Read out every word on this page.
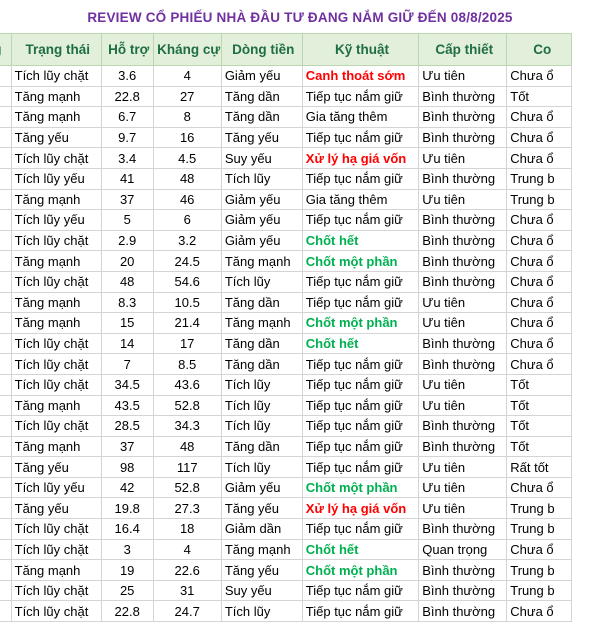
REVIEW CỔ PHIẾU NHÀ ĐẦU TƯ ĐANG NẮM GIỮ ĐẾN 08/8/2025
	Trạng thái	Hỗ trợ	Kháng cự	Dòng tiền	Kỹ thuật	Cấp thiết	Co
	Tích lũy chặt	3.6	4	Giảm yếu	Canh thoát sớm	Ưu tiên	Chưa ổ
	Tăng mạnh	22.8	27	Tăng dần	Tiếp tục nắm giữ	Bình thường	Tốt
	Tăng mạnh	6.7	8	Tăng dần	Gia tăng thêm	Bình thường	Chưa ổ
	Tăng yếu	9.7	16	Tăng yếu	Tiếp tục nắm giữ	Bình thường	Chưa ổ
	Tích lũy chặt	3.4	4.5	Suy yếu	Xử lý hạ giá vốn	Ưu tiên	Chưa ổ
	Tích lũy yếu	41	48	Tích lũy	Tiếp tục nắm giữ	Bình thường	Trung b
	Tăng mạnh	37	46	Giảm yếu	Gia tăng thêm	Ưu tiên	Trung b
	Tích lũy yếu	5	6	Giảm yếu	Tiếp tục nắm giữ	Bình thường	Chưa ổ
	Tích lũy chặt	2.9	3.2	Giảm yếu	Chốt hết	Bình thường	Chưa ổ
	Tăng mạnh	20	24.5	Tăng mạnh	Chốt một phần	Bình thường	Chưa ổ
	Tích lũy chặt	48	54.6	Tích lũy	Tiếp tục nắm giữ	Bình thường	Chưa ổ
	Tăng mạnh	8.3	10.5	Tăng dần	Tiếp tục nắm giữ	Ưu tiên	Chưa ổ
	Tăng mạnh	15	21.4	Tăng mạnh	Chốt một phần	Ưu tiên	Chưa ổ
	Tích lũy chặt	14	17	Tăng dần	Chốt hết	Bình thường	Chưa ổ
	Tích lũy chặt	7	8.5	Tăng dần	Tiếp tục nắm giữ	Bình thường	Chưa ổ
	Tích lũy chặt	34.5	43.6	Tích lũy	Tiếp tục nắm giữ	Ưu tiên	Tốt
	Tăng mạnh	43.5	52.8	Tích lũy	Tiếp tục nắm giữ	Ưu tiên	Tốt
	Tích lũy chặt	28.5	34.3	Tích lũy	Tiếp tục nắm giữ	Bình thường	Tốt
	Tăng mạnh	37	48	Tăng dần	Tiếp tục nắm giữ	Bình thường	Tốt
	Tăng yếu	98	117	Tích lũy	Tiếp tục nắm giữ	Ưu tiên	Rất tốt
	Tích lũy yếu	42	52.8	Giảm yếu	Chốt một phần	Ưu tiên	Chưa ổ
	Tăng yếu	19.8	27.3	Tăng yếu	Xử lý hạ giá vốn	Ưu tiên	Trung b
	Tích lũy chặt	16.4	18	Giảm dần	Tiếp tục nắm giữ	Bình thường	Trung b
	Tích lũy chặt	3	4	Tăng mạnh	Chốt hết	Quan trọng	Chưa ổ
	Tăng mạnh	19	22.6	Tăng yếu	Chốt một phần	Bình thường	Trung b
	Tích lũy chặt	25	31	Suy yếu	Tiếp tục nắm giữ	Bình thường	Trung b
	Tích lũy chặt	22.8	24.7	Tích lũy	Tiếp tục nắm giữ	Bình thường	Chưa ổ
